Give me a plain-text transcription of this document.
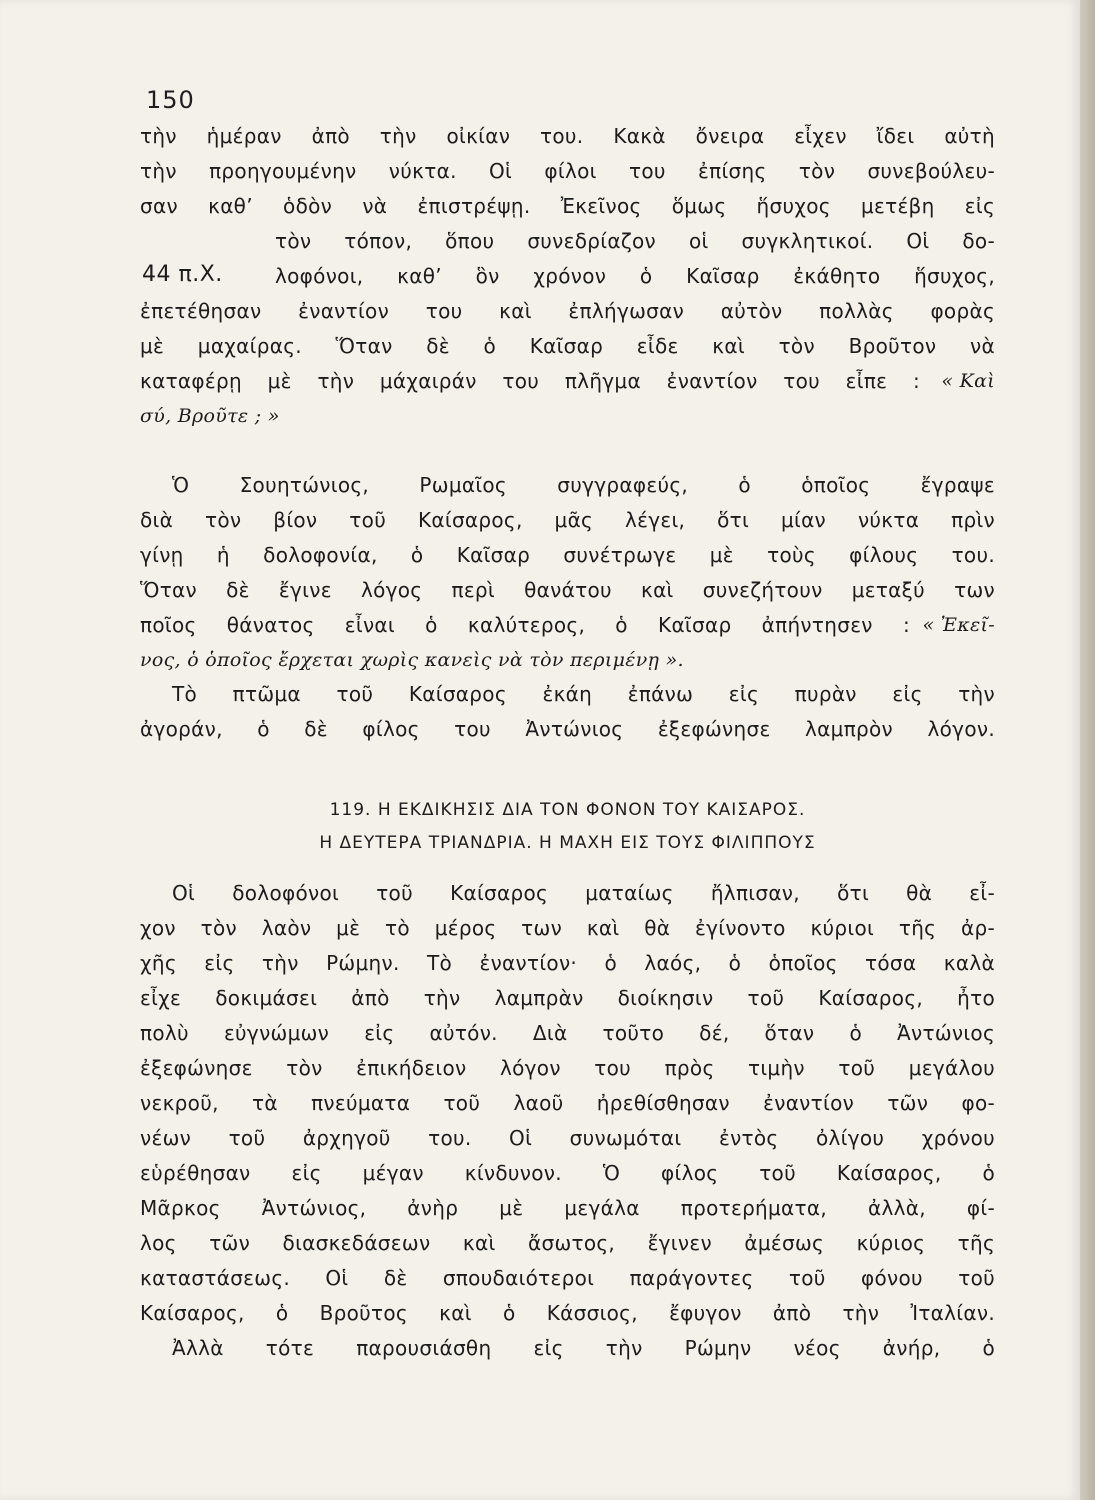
150
44 π.Χ.
τὴν ἡμέραν ἀπὸ τὴν οἰκίαν του. Κακὰ ὄνειρα εἶχεν ἴδει αὐτὴ
τὴν προηγουμένην νύκτα. Οἱ φίλοι του ἐπίσης τὸν συνεβούλευ-
σαν καθ’ ὁδὸν νὰ ἐπιστρέψῃ. Ἐκεῖνος ὅμως ἥσυχος μετέβη εἰς
τὸν τόπον, ὅπου συνεδρίαζον οἱ συγκλητικοί. Οἱ δο-
λοφόνοι, καθ’ ὃν χρόνον ὁ Καῖσαρ ἐκάθητο ἥσυχος,
ἐπετέθησαν ἐναντίον του καὶ ἐπλήγωσαν αὐτὸν πολλὰς φορὰς
μὲ μαχαίρας. Ὅταν δὲ ὁ Καῖσαρ εἶδε καὶ τὸν Βροῦτον νὰ
καταφέρῃ μὲ τὴν μάχαιράν του πλῆγμα ἐναντίον του εἶπε :	« Καὶ
σύ, Βροῦτε ; »
Ὁ Σουητώνιος, Ρωμαῖος συγγραφεύς, ὁ ὁποῖος ἔγραψε
διὰ τὸν βίον τοῦ Καίσαρος, μᾶς λέγει, ὅτι μίαν νύκτα πρὶν
γίνῃ ἡ δολοφονία, ὁ Καῖσαρ συνέτρωγε μὲ τοὺς φίλους του.
Ὅταν δὲ ἔγινε λόγος περὶ θανάτου καὶ συνεζήτουν μεταξύ των
ποῖος θάνατος εἶναι ὁ καλύτερος, ὁ Καῖσαρ ἀπήντησεν : « Ἐκεῖ-
νος, ὁ ὁποῖος ἔρχεται χωρὶς κανεὶς νὰ τὸν περιμένῃ ».
Τὸ πτῶμα τοῦ Καίσαρος ἐκάη ἐπάνω εἰς πυρὰν εἰς τὴν
ἀγοράν, ὁ δὲ φίλος του Ἀντώνιος ἐξεφώνησε λαμπρὸν λόγον.
119. Η ΕΚΔΙΚΗΣΙΣ ΔΙΑ ΤΟΝ ΦΟΝΟΝ ΤΟΥ ΚΑΙΣΑΡΟΣ.
Η ΔΕΥΤΕΡΑ ΤΡΙΑΝΔΡΙΑ. Η ΜΑΧΗ ΕΙΣ ΤΟΥΣ ΦΙΛΙΠΠΟΥΣ
Οἱ δολοφόνοι τοῦ Καίσαρος ματαίως ἤλπισαν, ὅτι θὰ εἶ-
χον τὸν λαὸν μὲ τὸ μέρος των καὶ θὰ ἐγίνοντο κύριοι τῆς ἀρ-
χῆς εἰς τὴν Ρώμην. Τὸ ἐναντίον· ὁ λαός, ὁ ὁποῖος τόσα καλὰ
εἶχε δοκιμάσει ἀπὸ τὴν λαμπρὰν διοίκησιν τοῦ Καίσαρος, ἦτο
πολὺ εὐγνώμων εἰς αὐτόν. Διὰ τοῦτο δέ, ὅταν ὁ Ἀντώνιος
ἐξεφώνησε τὸν ἐπικήδειον λόγον του πρὸς τιμὴν τοῦ μεγάλου
νεκροῦ, τὰ πνεύματα τοῦ λαοῦ ἠρεθίσθησαν ἐναντίον τῶν φο-
νέων τοῦ ἀρχηγοῦ του. Οἱ συνωμόται ἐντὸς ὀλίγου χρόνου
εὑρέθησαν εἰς μέγαν κίνδυνον. Ὁ φίλος τοῦ Καίσαρος, ὁ
Μᾶρκος Ἀντώνιος, ἀνὴρ μὲ μεγάλα προτερήματα, ἀλλὰ, φί-
λος τῶν διασκεδάσεων καὶ ἄσωτος, ἔγινεν ἀμέσως κύριος τῆς
καταστάσεως. Οἱ δὲ σπουδαιότεροι παράγοντες τοῦ φόνου τοῦ
Καίσαρος, ὁ Βροῦτος καὶ ὁ Κάσσιος, ἔφυγον ἀπὸ τὴν Ἰταλίαν.
Ἀλλὰ τότε παρουσιάσθη εἰς τὴν Ρώμην νέος ἀνήρ, ὁ
